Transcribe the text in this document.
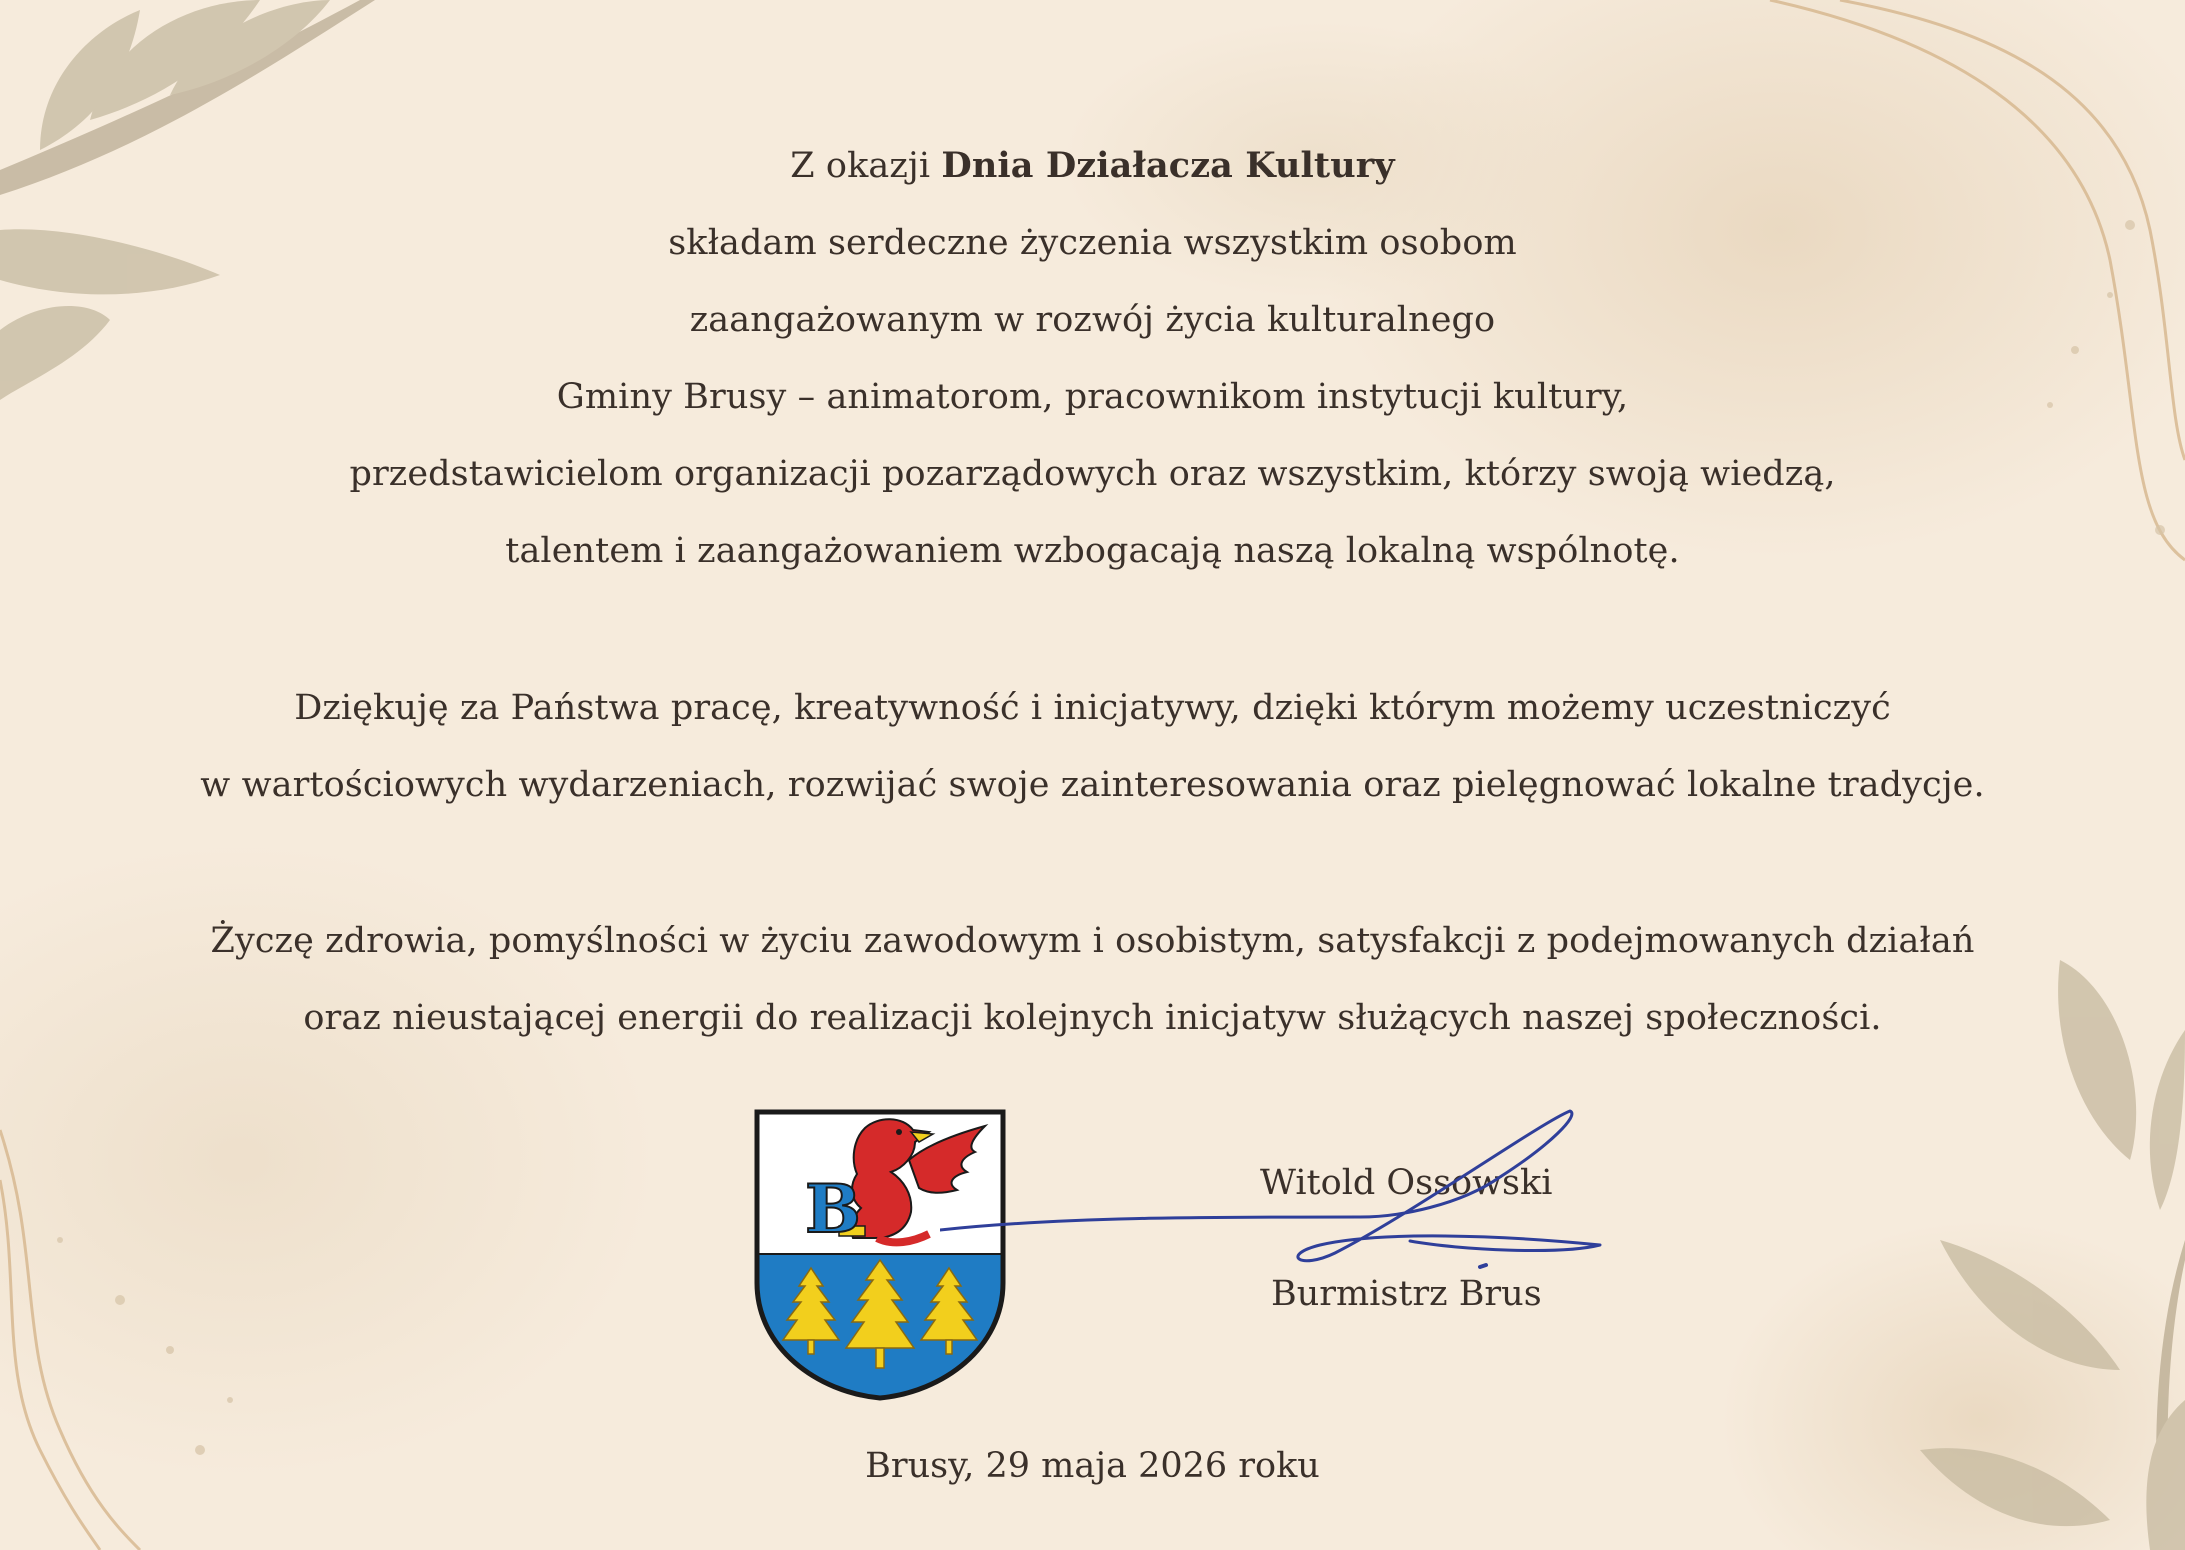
Z okazji Dnia Działacza Kultury
składam serdeczne życzenia wszystkim osobom
zaangażowanym w rozwój życia kulturalnego
Gminy Brusy – animatorom, pracownikom instytucji kultury,
przedstawicielom organizacji pozarządowych oraz wszystkim, którzy swoją wiedzą,
talentem i zaangażowaniem wzbogacają naszą lokalną wspólnotę.
Dziękuję za Państwa pracę, kreatywność i inicjatywy, dzięki którym możemy uczestniczyć
w wartościowych wydarzeniach, rozwijać swoje zainteresowania oraz pielęgnować lokalne tradycje.
Życzę zdrowia, pomyślności w życiu zawodowym i osobistym, satysfakcji z podejmowanych działań
oraz nieustającej energii do realizacji kolejnych inicjatyw służących naszej społeczności.
B	Witold Ossowski
Burmistrz Brus
Brusy, 29 maja 2026 roku
